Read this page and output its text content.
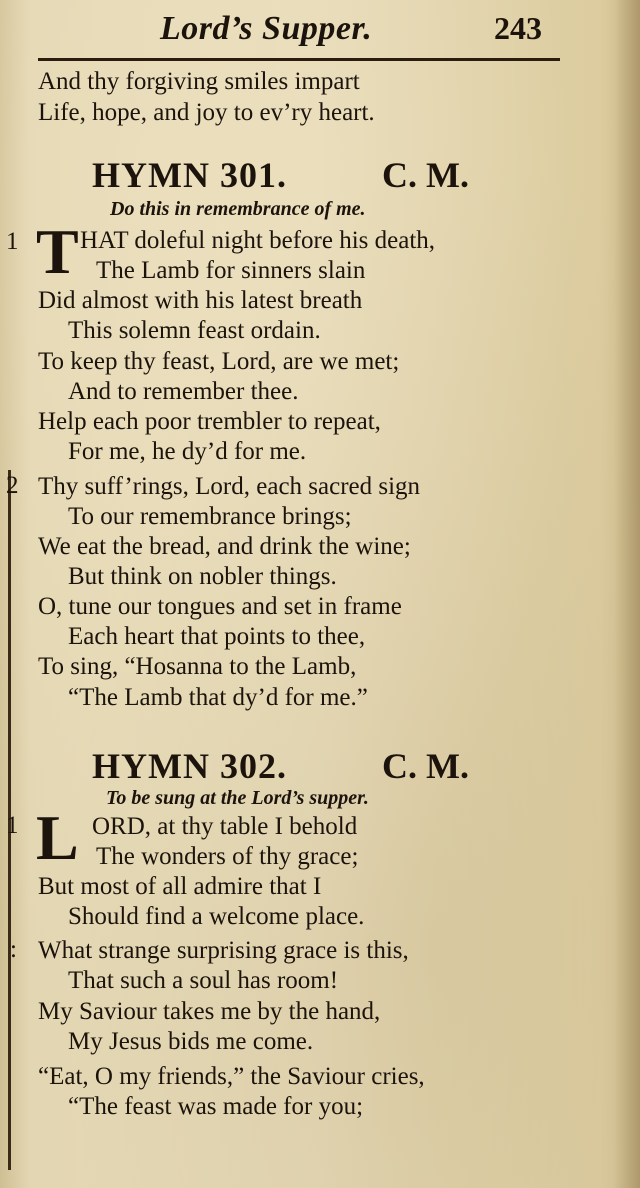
Lord’s Supper.	243
And thy forgiving smiles impart
Life, hope, and joy to ev’ry heart.
HYMN 301.	C. M.
Do this in remembrance of me.
1 T HAT doleful night before his death,
The Lamb for sinners slain
Did almost with his latest breath
This solemn feast ordain.
To keep thy feast, Lord, are we met;
And to remember thee.
Help each poor trembler to repeat,
For me, he dy’d for me.
2 Thy suff’rings, Lord, each sacred sign
To our remembrance brings;
We eat the bread, and drink the wine;
But think on nobler things.
O, tune our tongues and set in frame
Each heart that points to thee,
To sing, “Hosanna to the Lamb,
“The Lamb that dy’d for me.”
HYMN 302.	C. M.
To be sung at the Lord’s supper.
1 L ORD, at thy table I behold
The wonders of thy grace;
But most of all admire that I
Should find a welcome place.
: What strange surprising grace is this,
That such a soul has room!
My Saviour takes me by the hand,
My Jesus bids me come.
“Eat, O my friends,” the Saviour cries,
“The feast was made for you;
